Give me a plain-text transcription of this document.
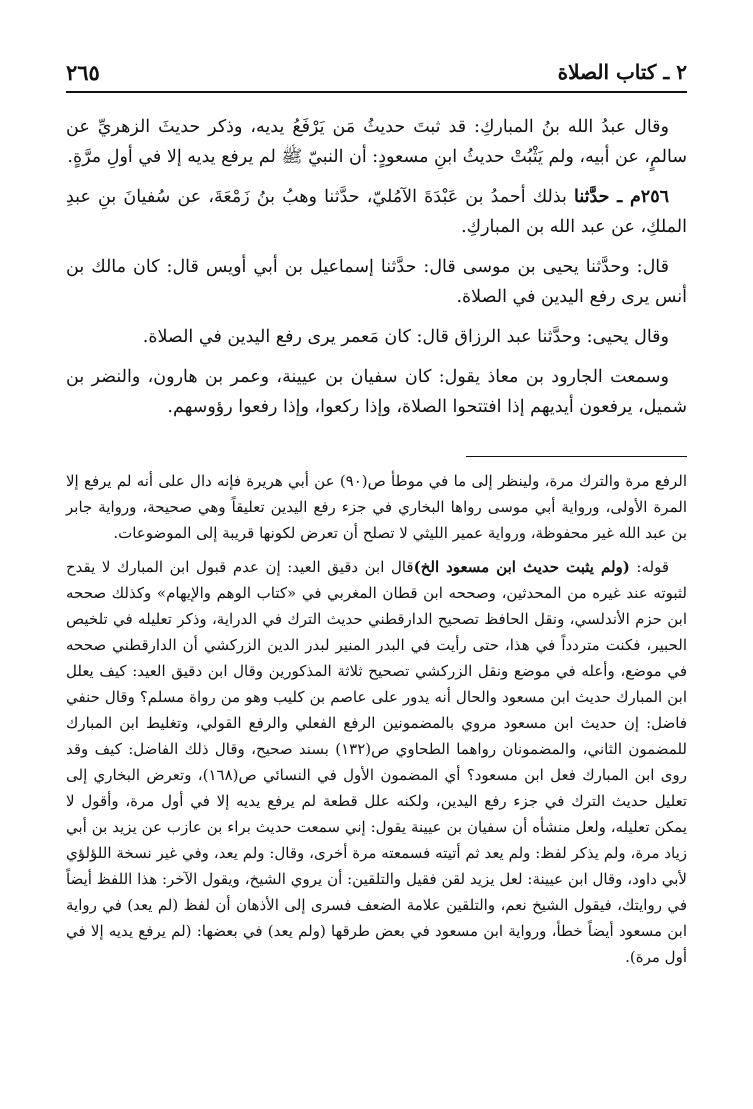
٢ ـ كتاب الصلاة
٢٦٥

وقال عبدُ الله بنُ المباركِ: قد ثبتَ حديثُ مَن يَرْفَعُ يديه، وذكر حديثَ الزهريِّ عن سالمٍ، عن أبيه، ولم يَثْبُتْ حديثُ ابنِ مسعودٍ: أن النبيّ ﷺ لم يرفع يديه إلا في أولِ مرَّةٍ.

٢٥٦م ـ حدَّثنا بذلك أحمدُ بن عَبْدَةَ الآمُليّ، حدَّثنا وهبُ بنُ زَمْعَةَ، عن سُفيانَ بنِ عبدِ الملكِ، عن عبد الله بن المباركِ.

قال: وحدَّثنا يحيى بن موسى قال: حدَّثنا إسماعيل بن أبي أويس قال: كان مالك بن أنس يرى رفع اليدين في الصلاة.

وقال يحيى: وحدَّثنا عبد الرزاق قال: كان مَعمر يرى رفع اليدين في الصلاة.

وسمعت الجارود بن معاذ يقول: كان سفيان بن عيينة، وعمر بن هارون، والنضر بن شميل، يرفعون أيديهم إذا افتتحوا الصلاة، وإذا ركعوا، وإذا رفعوا رؤوسهم.

الرفع مرة والترك مرة، ولينظر إلى ما في موطأ ص(٩٠) عن أبي هريرة فإنه دال على أنه لم يرفع إلا المرة الأولى، ورواية أبي موسى رواها البخاري في جزء رفع اليدين تعليقاً وهي صحيحة، ورواية جابر بن عبد الله غير محفوظة، ورواية عمير الليثي لا تصلح أن تعرض لكونها قريبة إلى الموضوعات.

قوله: (ولم يثبت حديث ابن مسعود الخ)قال ابن دقيق العيد: إن عدم قبول ابن المبارك لا يقدح لثبوته عند غيره من المحدثين، وصححه ابن قطان المغربي في «كتاب الوهم والإيهام» وكذلك صححه ابن حزم الأندلسي، ونقل الحافظ تصحيح الدارقطني حديث الترك في الدراية، وذكر تعليله في تلخيص الحبير، فكنت متردداً في هذا، حتى رأيت في البدر المنير لبدر الدين الزركشي أن الدارقطني صححه في موضع، وأعله في موضع ونقل الزركشي تصحيح ثلاثة المذكورين وقال ابن دقيق العيد: كيف يعلل ابن المبارك حديث ابن مسعود والحال أنه يدور على عاصم بن كليب وهو من رواة مسلم؟ وقال حنفي فاضل: إن حديث ابن مسعود مروي بالمضمونين الرفع الفعلي والرفع القولي، وتغليط ابن المبارك للمضمون الثاني، والمضمونان رواهما الطحاوي ص(١٣٢) بسند صحيح، وقال ذلك الفاضل: كيف وقد روى ابن المبارك فعل ابن مسعود؟ أي المضمون الأول في النسائي ص(١٦٨)، وتعرض البخاري إلى تعليل حديث الترك في جزء رفع اليدين، ولكنه علل قطعة لم يرفع يديه إلا في أول مرة، وأقول لا يمكن تعليله، ولعل منشأه أن سفيان بن عيينة يقول: إني سمعت حديث براء بن عازب عن يزيد بن أبي زياد مرة، ولم يذكر لفظ: ولم يعد ثم أتيته فسمعته مرة أخرى، وقال: ولم يعد، وفي غير نسخة اللؤلؤي لأبي داود، وقال ابن عيينة: لعل يزيد لقن فقيل والتلقين: أن يروي الشيخ، ويقول الآخر: هذا اللفظ أيضاً في روايتك، فيقول الشيخ نعم، والتلقين علامة الضعف فسرى إلى الأذهان أن لفظ (لم يعد) في رواية ابن مسعود أيضاً خطأ، ورواية ابن مسعود في بعض طرقها (ولم يعد) في بعضها: (لم يرفع يديه إلا في أول مرة).
